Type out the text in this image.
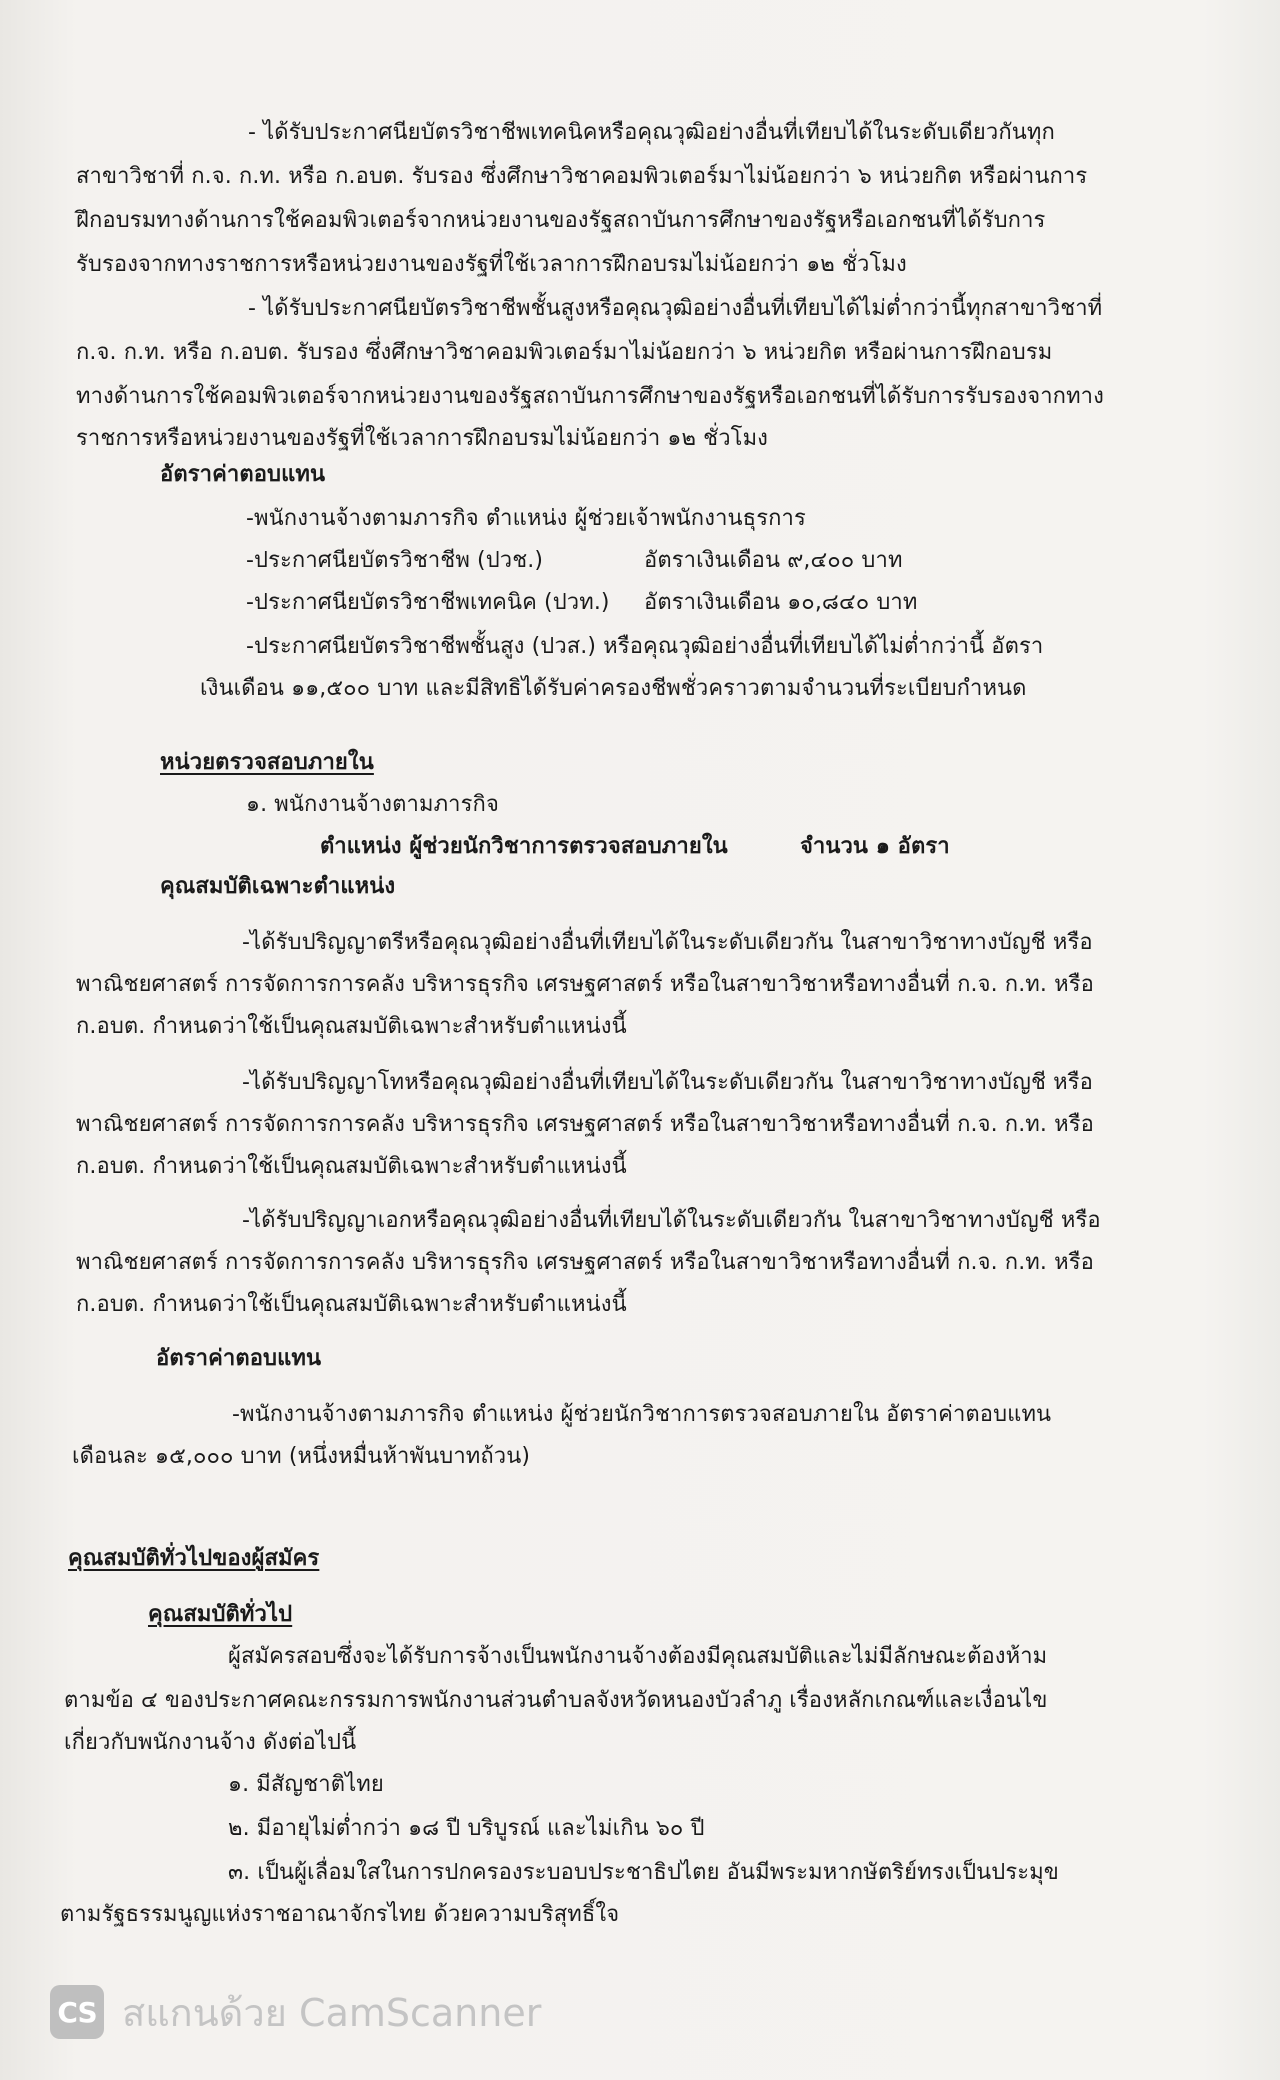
- ได้รับประกาศนียบัตรวิชาชีพเทคนิคหรือคุณวุฒิอย่างอื่นที่เทียบได้ในระดับเดียวกันทุก

สาขาวิชาที่ ก.จ. ก.ท. หรือ ก.อบต. รับรอง ซึ่งศึกษาวิชาคอมพิวเตอร์มาไม่น้อยกว่า ๖ หน่วยกิต หรือผ่านการ

ฝึกอบรมทางด้านการใช้คอมพิวเตอร์จากหน่วยงานของรัฐสถาบันการศึกษาของรัฐหรือเอกชนที่ได้รับการ

รับรองจากทางราชการหรือหน่วยงานของรัฐที่ใช้เวลาการฝึกอบรมไม่น้อยกว่า ๑๒ ชั่วโมง

- ได้รับประกาศนียบัตรวิชาชีพชั้นสูงหรือคุณวุฒิอย่างอื่นที่เทียบได้ไม่ต่ำกว่านี้ทุกสาขาวิชาที่

ก.จ. ก.ท. หรือ ก.อบต. รับรอง ซึ่งศึกษาวิชาคอมพิวเตอร์มาไม่น้อยกว่า ๖ หน่วยกิต หรือผ่านการฝึกอบรม

ทางด้านการใช้คอมพิวเตอร์จากหน่วยงานของรัฐสถาบันการศึกษาของรัฐหรือเอกชนที่ได้รับการรับรองจากทาง

ราชการหรือหน่วยงานของรัฐที่ใช้เวลาการฝึกอบรมไม่น้อยกว่า ๑๒ ชั่วโมง

อัตราค่าตอบแทน

-พนักงานจ้างตามภารกิจ ตำแหน่ง ผู้ช่วยเจ้าพนักงานธุรการ

-ประกาศนียบัตรวิชาชีพ (ปวช.)	อัตราเงินเดือน ๙,๔๐๐ บาท

-ประกาศนียบัตรวิชาชีพเทคนิค (ปวท.) อัตราเงินเดือน ๑๐,๘๔๐ บาท

-ประกาศนียบัตรวิชาชีพชั้นสูง (ปวส.) หรือคุณวุฒิอย่างอื่นที่เทียบได้ไม่ต่ำกว่านี้ อัตรา

เงินเดือน ๑๑,๕๐๐ บาท และมีสิทธิได้รับค่าครองชีพชั่วคราวตามจำนวนที่ระเบียบกำหนด

หน่วยตรวจสอบภายใน

๑. พนักงานจ้างตามภารกิจ

ตำแหน่ง ผู้ช่วยนักวิชาการตรวจสอบภายใน	จำนวน ๑ อัตรา

คุณสมบัติเฉพาะตำแหน่ง

-ได้รับปริญญาตรีหรือคุณวุฒิอย่างอื่นที่เทียบได้ในระดับเดียวกัน ในสาขาวิชาทางบัญชี หรือ

พาณิชยศาสตร์ การจัดการการคลัง บริหารธุรกิจ เศรษฐศาสตร์ หรือในสาขาวิชาหรือทางอื่นที่ ก.จ. ก.ท. หรือ

ก.อบต. กำหนดว่าใช้เป็นคุณสมบัติเฉพาะสำหรับตำแหน่งนี้

-ได้รับปริญญาโทหรือคุณวุฒิอย่างอื่นที่เทียบได้ในระดับเดียวกัน ในสาขาวิชาทางบัญชี หรือ

พาณิชยศาสตร์ การจัดการการคลัง บริหารธุรกิจ เศรษฐศาสตร์ หรือในสาขาวิชาหรือทางอื่นที่ ก.จ. ก.ท. หรือ

ก.อบต. กำหนดว่าใช้เป็นคุณสมบัติเฉพาะสำหรับตำแหน่งนี้

-ได้รับปริญญาเอกหรือคุณวุฒิอย่างอื่นที่เทียบได้ในระดับเดียวกัน ในสาขาวิชาทางบัญชี หรือ

พาณิชยศาสตร์ การจัดการการคลัง บริหารธุรกิจ เศรษฐศาสตร์ หรือในสาขาวิชาหรือทางอื่นที่ ก.จ. ก.ท. หรือ

ก.อบต. กำหนดว่าใช้เป็นคุณสมบัติเฉพาะสำหรับตำแหน่งนี้

อัตราค่าตอบแทน

-พนักงานจ้างตามภารกิจ ตำแหน่ง ผู้ช่วยนักวิชาการตรวจสอบภายใน อัตราค่าตอบแทน

เดือนละ ๑๕,๐๐๐ บาท (หนึ่งหมื่นห้าพันบาทถ้วน)

คุณสมบัติทั่วไปของผู้สมัคร

คุณสมบัติทั่วไป

ผู้สมัครสอบซึ่งจะได้รับการจ้างเป็นพนักงานจ้างต้องมีคุณสมบัติและไม่มีลักษณะต้องห้าม

ตามข้อ ๔ ของประกาศคณะกรรมการพนักงานส่วนตำบลจังหวัดหนองบัวลำภู เรื่องหลักเกณฑ์และเงื่อนไข

เกี่ยวกับพนักงานจ้าง ดังต่อไปนี้

๑. มีสัญชาติไทย

๒. มีอายุไม่ต่ำกว่า ๑๘ ปี บริบูรณ์ และไม่เกิน ๖๐ ปี

๓. เป็นผู้เลื่อมใสในการปกครองระบอบประชาธิปไตย อันมีพระมหากษัตริย์ทรงเป็นประมุข

ตามรัฐธรรมนูญแห่งราชอาณาจักรไทย ด้วยความบริสุทธิ์ใจ

CS สแกนด้วย CamScanner
